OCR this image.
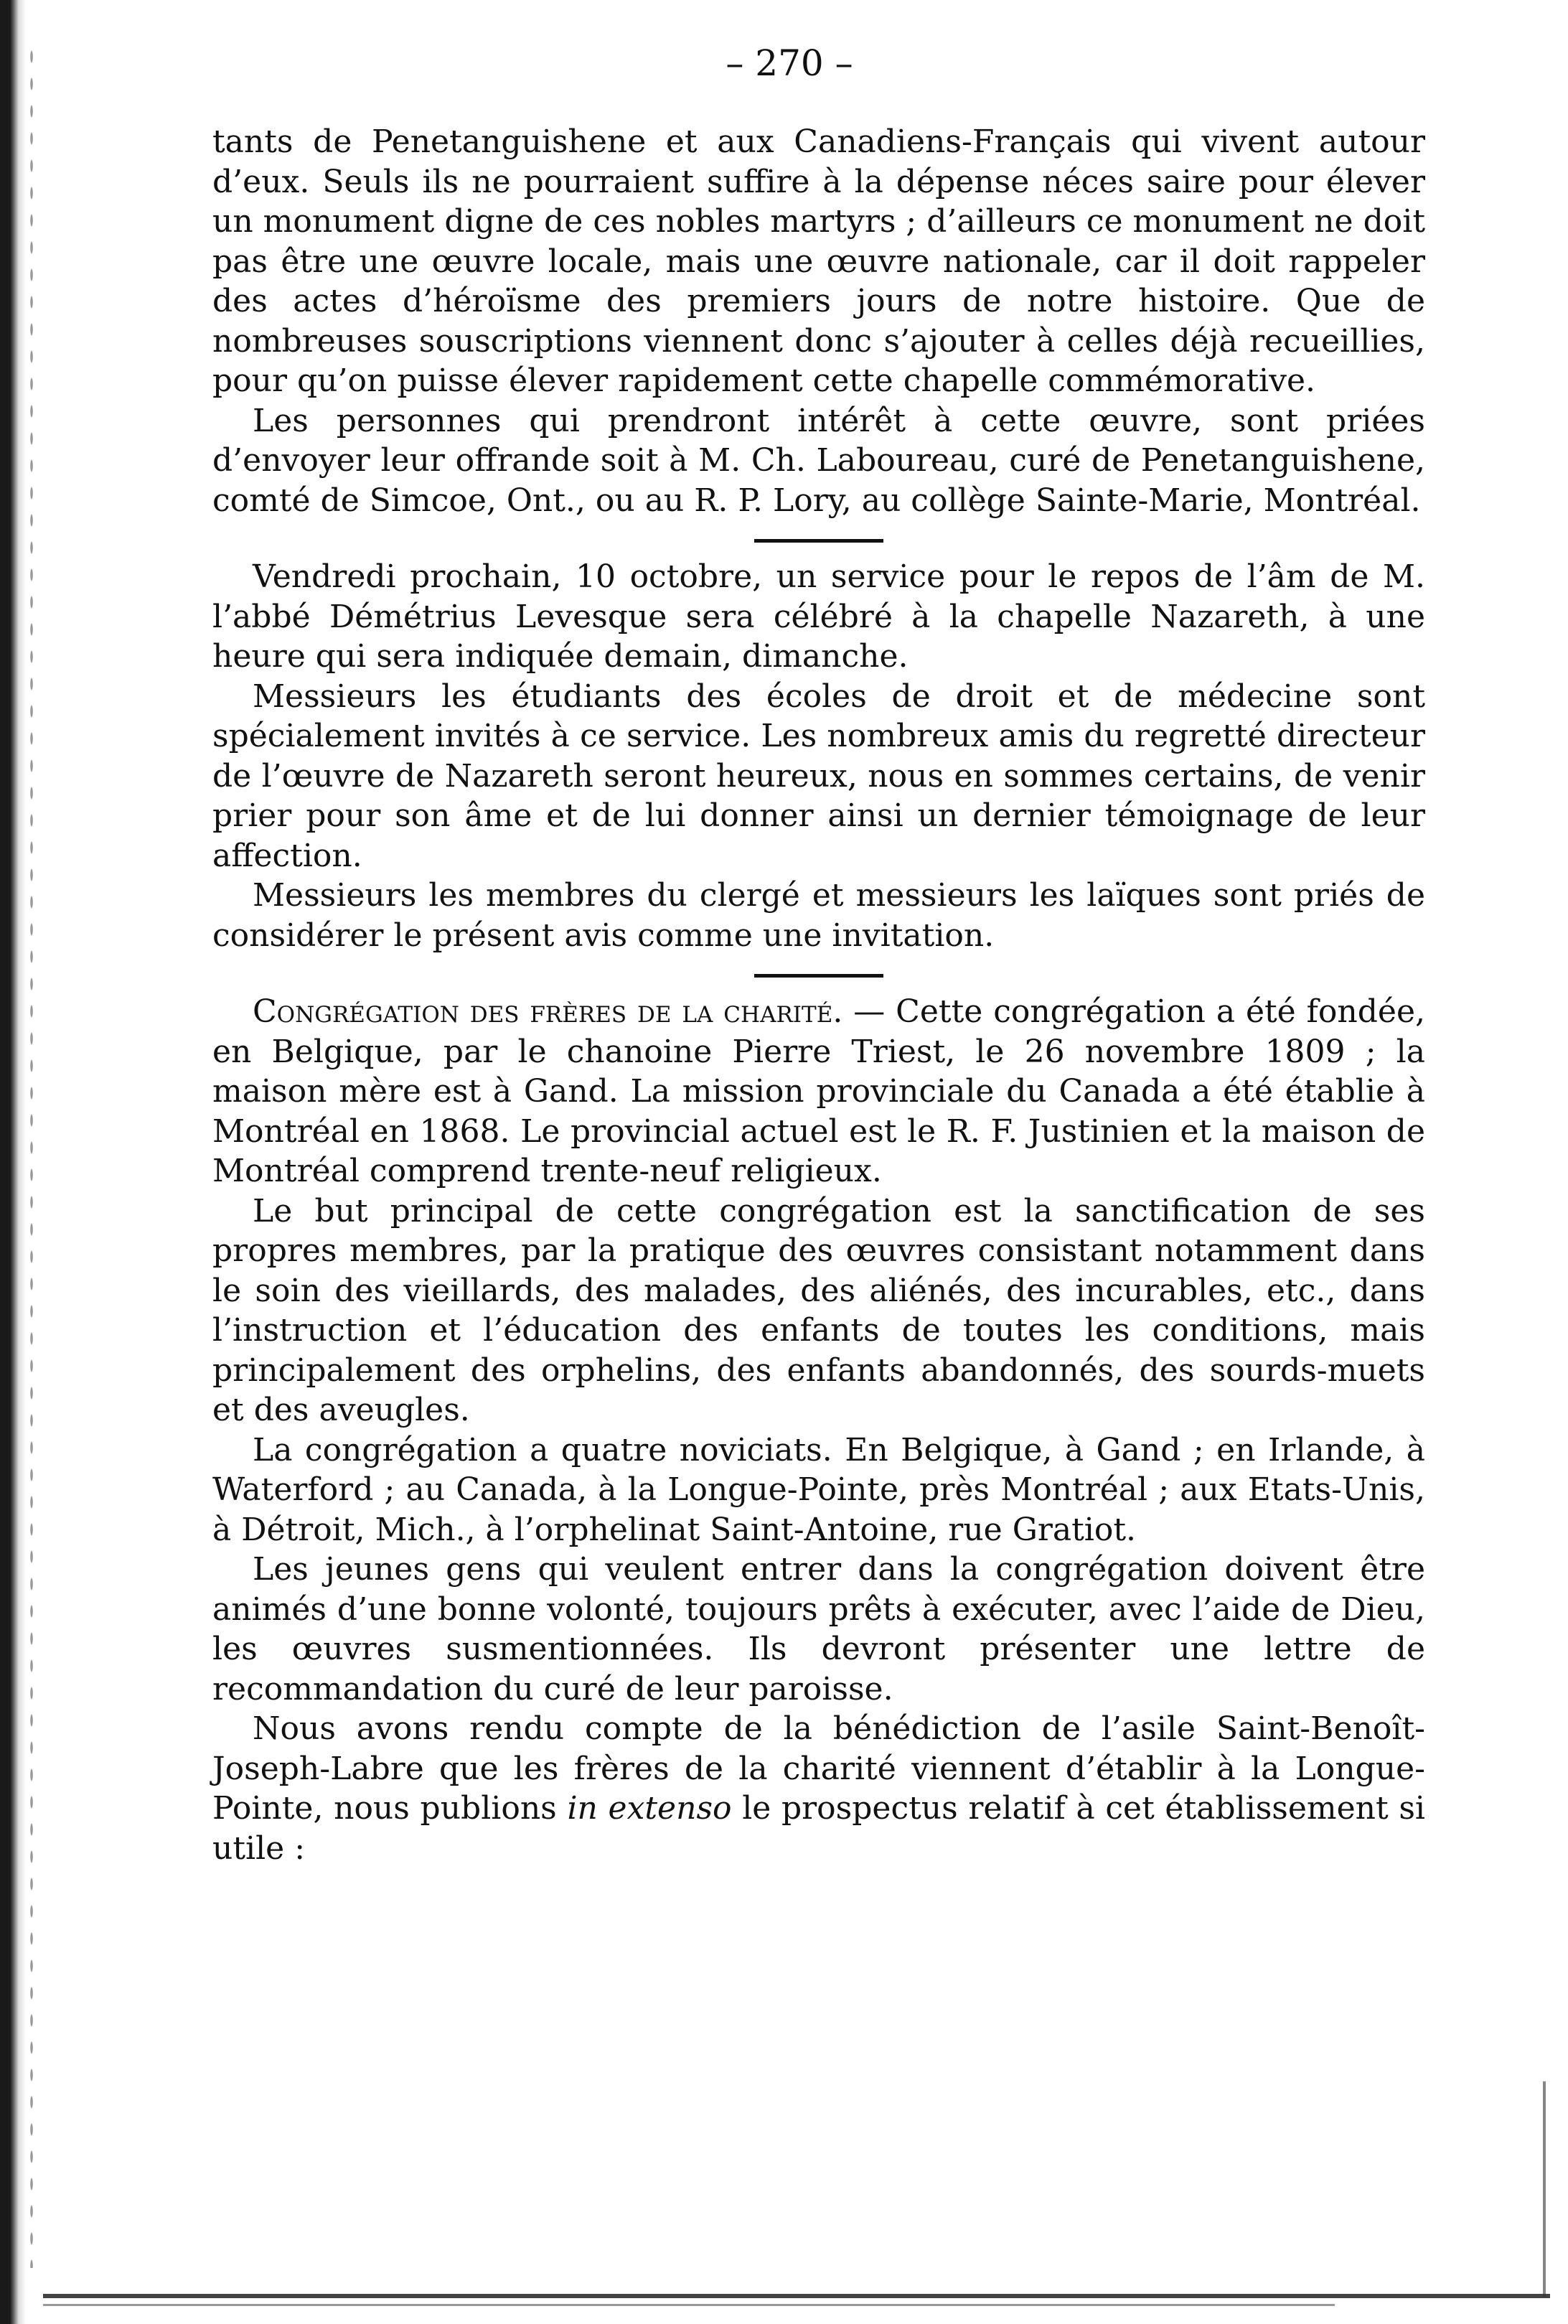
– 270 –

tants de Penetanguishene et aux Canadiens-Français qui vivent autour d’eux. Seuls ils ne pourraient suffire à la dépense néces saire pour élever un monument digne de ces nobles martyrs ; d’ailleurs ce monument ne doit pas être une œuvre locale, mais une œuvre nationale, car il doit rappeler des actes d’héroïsme des premiers jours de notre histoire. Que de nombreuses souscriptions viennent donc s’ajouter à celles déjà recueillies, pour qu’on puisse élever rapidement cette chapelle commémorative.

Les personnes qui prendront intérêt à cette œuvre, sont priées d’envoyer leur offrande soit à M. Ch. Laboureau, curé de Penetanguishene, comté de Simcoe, Ont., ou au R. P. Lory, au collège Sainte-Marie, Montréal.

Vendredi prochain, 10 octobre, un service pour le repos de l’âm de M. l’abbé Démétrius Levesque sera célébré à la chapelle Nazareth, à une heure qui sera indiquée demain, dimanche.

Messieurs les étudiants des écoles de droit et de médecine sont spécialement invités à ce service. Les nombreux amis du regretté directeur de l’œuvre de Nazareth seront heureux, nous en sommes certains, de venir prier pour son âme et de lui donner ainsi un dernier témoignage de leur affection.

Messieurs les membres du clergé et messieurs les laïques sont priés de considérer le présent avis comme une invitation.

Congrégation des frères de la charité. — Cette congrégation a été fondée, en Belgique, par le chanoine Pierre Triest, le 26 novembre 1809 ; la maison mère est à Gand. La mission provinciale du Canada a été établie à Montréal en 1868. Le provincial actuel est le R. F. Justinien et la maison de Montréal comprend trente-neuf religieux.

Le but principal de cette congrégation est la sanctification de ses propres membres, par la pratique des œuvres consistant notamment dans le soin des vieillards, des malades, des aliénés, des incurables, etc., dans l’instruction et l’éducation des enfants de toutes les conditions, mais principalement des orphelins, des enfants abandonnés, des sourds-muets et des aveugles.

La congrégation a quatre noviciats. En Belgique, à Gand ; en Irlande, à Waterford ; au Canada, à la Longue-Pointe, près Montréal ; aux Etats-Unis, à Détroit, Mich., à l’orphelinat Saint-Antoine, rue Gratiot.

Les jeunes gens qui veulent entrer dans la congrégation doivent être animés d’une bonne volonté, toujours prêts à exécuter, avec l’aide de Dieu, les œuvres susmentionnées. Ils devront présenter une lettre de recommandation du curé de leur paroisse.

Nous avons rendu compte de la bénédiction de l’asile Saint-Benoît-Joseph-Labre que les frères de la charité viennent d’établir à la Longue-Pointe, nous publions in extenso le prospectus relatif à cet établissement si utile :
